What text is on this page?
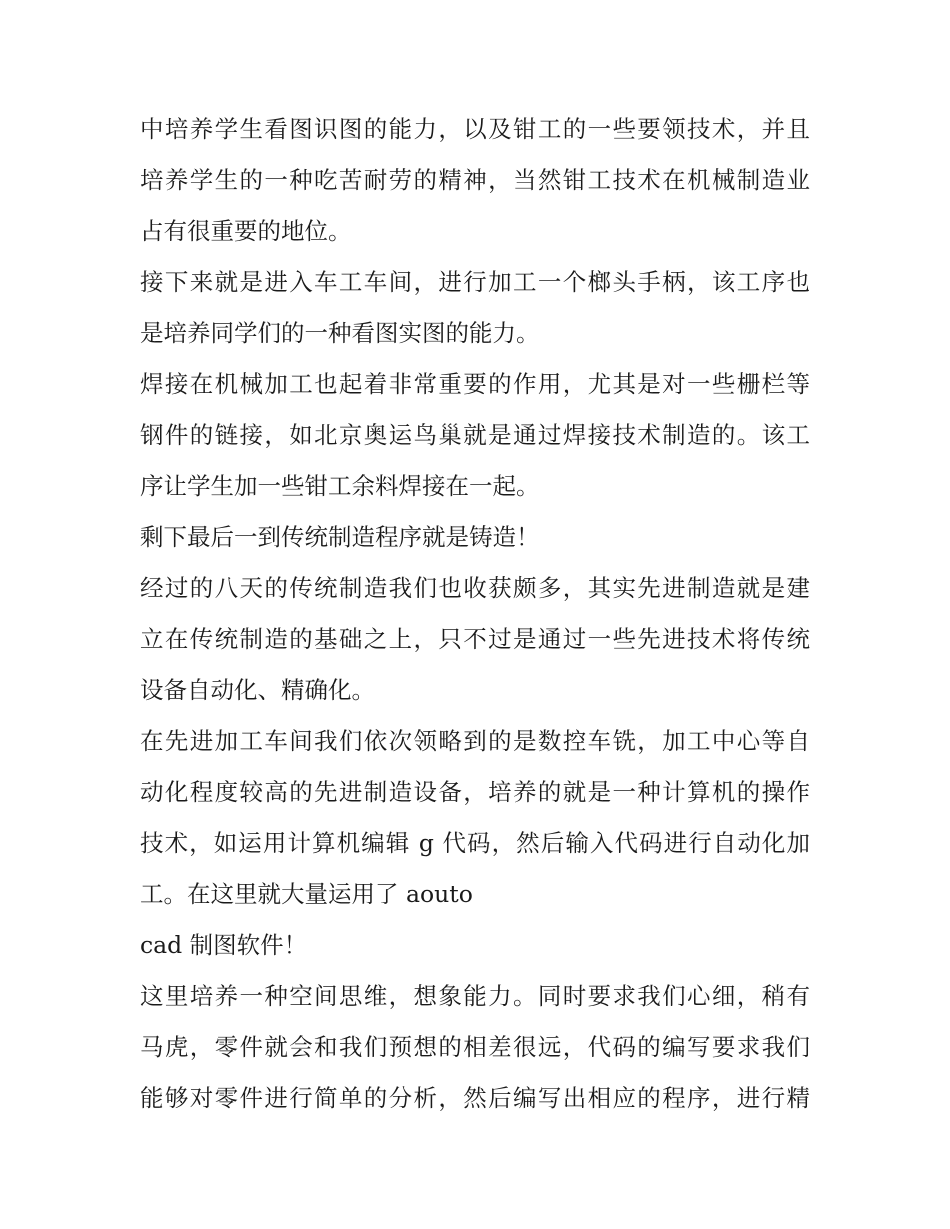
中培养学生看图识图的能力，以及钳工的一些要领技术，并且
培养学生的一种吃苦耐劳的精神，当然钳工技术在机械制造业
占有很重要的地位。
接下来就是进入车工车间，进行加工一个榔头手柄，该工序也
是培养同学们的一种看图实图的能力。
焊接在机械加工也起着非常重要的作用，尤其是对一些栅栏等
钢件的链接，如北京奥运鸟巢就是通过焊接技术制造的。该工
序让学生加一些钳工余料焊接在一起。
剩下最后一到传统制造程序就是铸造！
经过的八天的传统制造我们也收获颇多，其实先进制造就是建
立在传统制造的基础之上，只不过是通过一些先进技术将传统
设备自动化、精确化。
在先进加工车间我们依次领略到的是数控车铣，加工中心等自
动化程度较高的先进制造设备，培养的就是一种计算机的操作
技术，如运用计算机编辑 g 代码，然后输入代码进行自动化加
工。在这里就大量运用了 aouto
cad 制图软件！
这里培养一种空间思维，想象能力。同时要求我们心细，稍有
马虎，零件就会和我们预想的相差很远，代码的编写要求我们
能够对零件进行简单的分析，然后编写出相应的程序，进行精
